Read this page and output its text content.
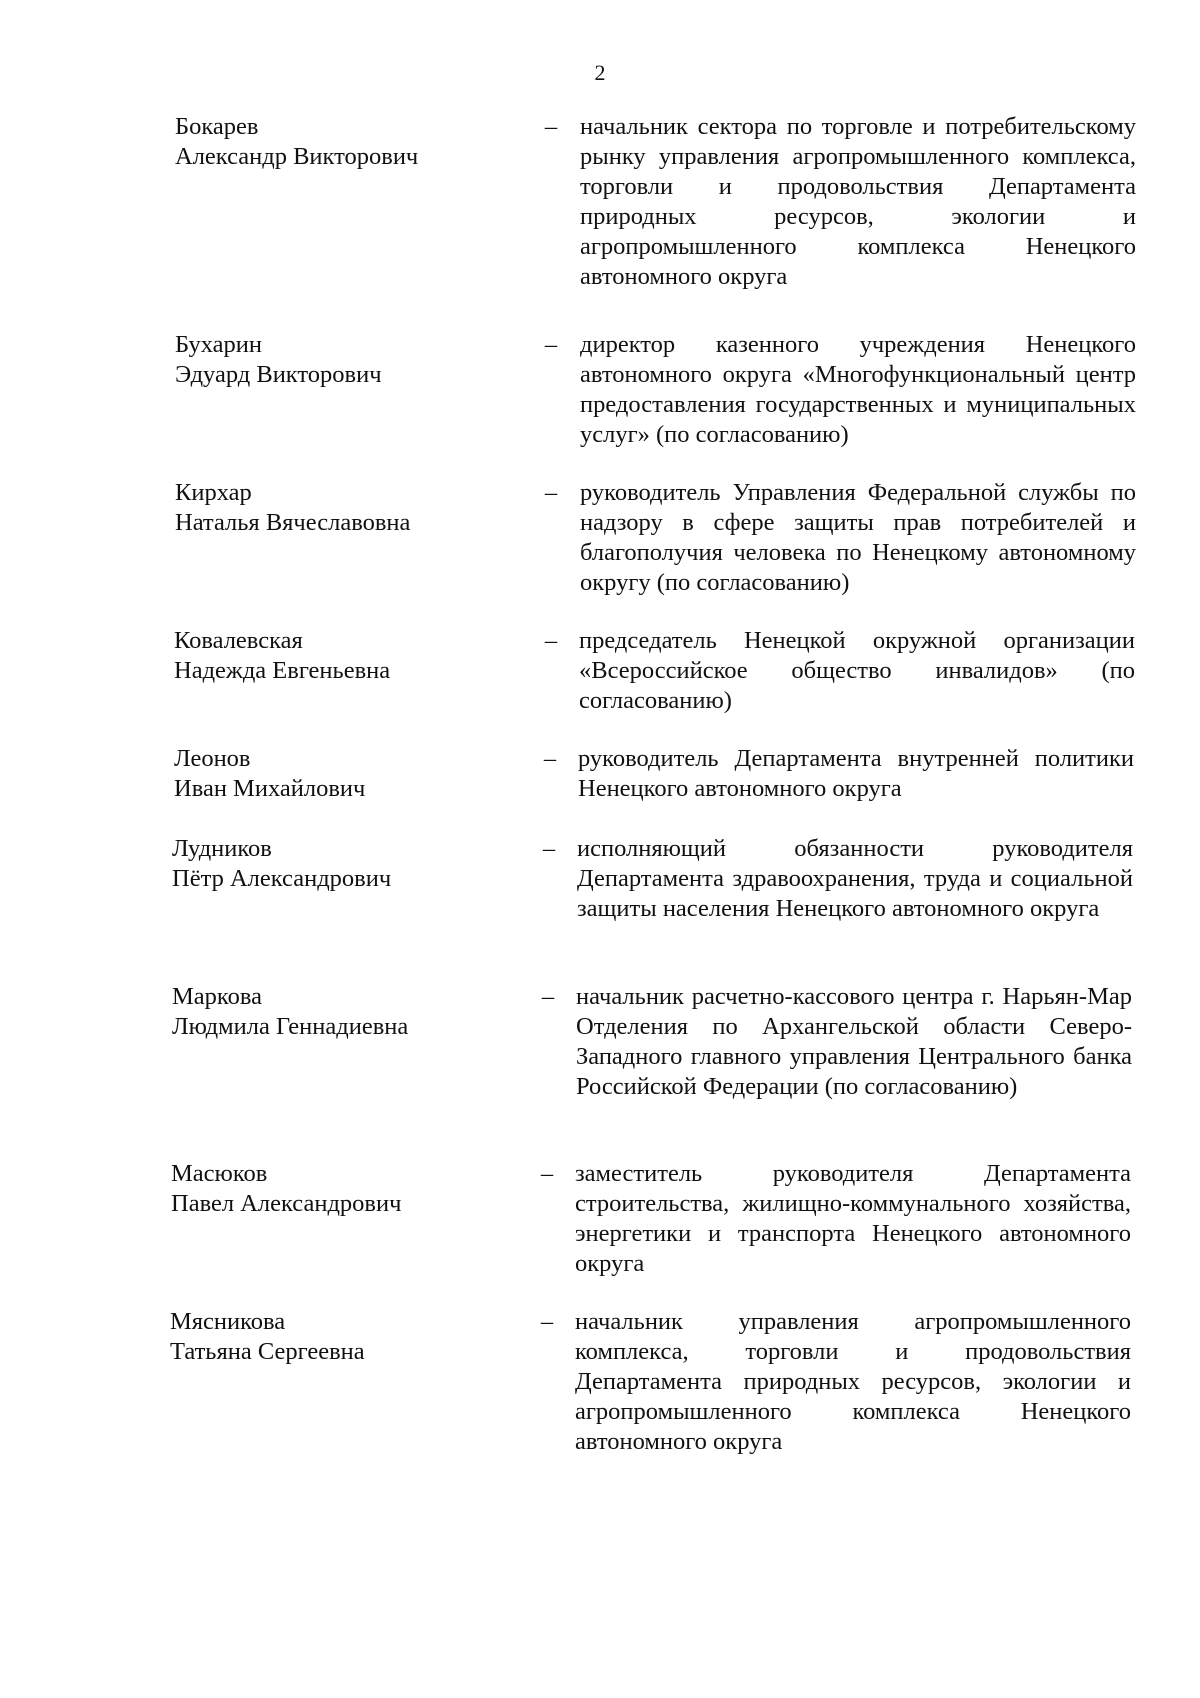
2
Бокарев
Александр Викторович
– начальник сектора по торговле и потребительскому рынку управления агропромышленного комплекса, торговли и продовольствия Департамента природных ресурсов, экологии и агропромышленного комплекса Ненецкого автономного округа
Бухарин
Эдуард Викторович
– директор казенного учреждения Ненецкого автономного округа «Многофункциональный центр предоставления государственных и муниципальных услуг» (по согласованию)
Кирхар
Наталья Вячеславовна
– руководитель Управления Федеральной службы по надзору в сфере защиты прав потребителей и благополучия человека по Ненецкому автономному округу (по согласованию)
Ковалевская
Надежда Евгеньевна
– председатель Ненецкой окружной организации «Всероссийское общество инвалидов» (по согласованию)
Леонов
Иван Михайлович
– руководитель Департамента внутренней политики Ненецкого автономного округа
Лудников
Пётр Александрович
– исполняющий обязанности руководителя Департамента здравоохранения, труда и социальной защиты населения Ненецкого автономного округа
Маркова
Людмила Геннадиевна
– начальник расчетно-кассового центра г. Нарьян-Мар Отделения по Архангельской области Северо-Западного главного управления Центрального банка Российской Федерации (по согласованию)
Масюков
Павел Александрович
– заместитель руководителя Департамента строительства, жилищно-коммунального хозяйства, энергетики и транспорта Ненецкого автономного округа
Мясникова
Татьяна Сергеевна
– начальник управления агропромышленного комплекса, торговли и продовольствия Департамента природных ресурсов, экологии и агропромышленного комплекса Ненецкого автономного округа
